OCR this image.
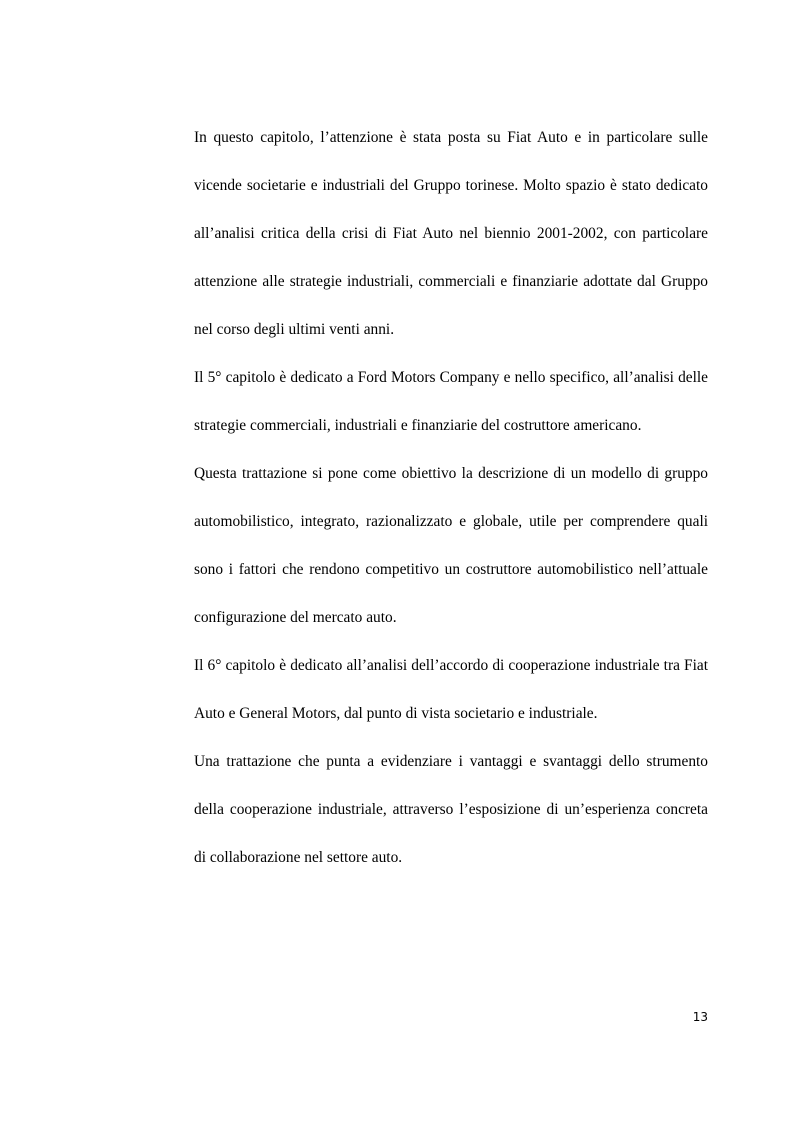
In questo capitolo, l’attenzione è stata posta su Fiat Auto e in particolare sulle vicende societarie e industriali del Gruppo torinese. Molto spazio è stato dedicato all’analisi critica della crisi di Fiat Auto nel biennio 2001-2002, con particolare attenzione alle strategie industriali, commerciali e finanziarie adottate dal Gruppo nel corso degli ultimi venti anni.

Il 5° capitolo è dedicato a Ford Motors Company e nello specifico, all’analisi delle strategie commerciali, industriali e finanziarie del costruttore americano.

Questa trattazione si pone come obiettivo la descrizione di un modello di gruppo automobilistico, integrato, razionalizzato e globale, utile per comprendere quali sono i fattori che rendono competitivo un costruttore automobilistico nell’attuale configurazione del mercato auto.

Il 6° capitolo è dedicato all’analisi dell’accordo di cooperazione industriale tra Fiat Auto e General Motors, dal punto di vista societario e industriale.

Una trattazione che punta a evidenziare i vantaggi e svantaggi dello strumento della cooperazione industriale, attraverso l’esposizione di un’esperienza concreta di collaborazione nel settore auto.

13
